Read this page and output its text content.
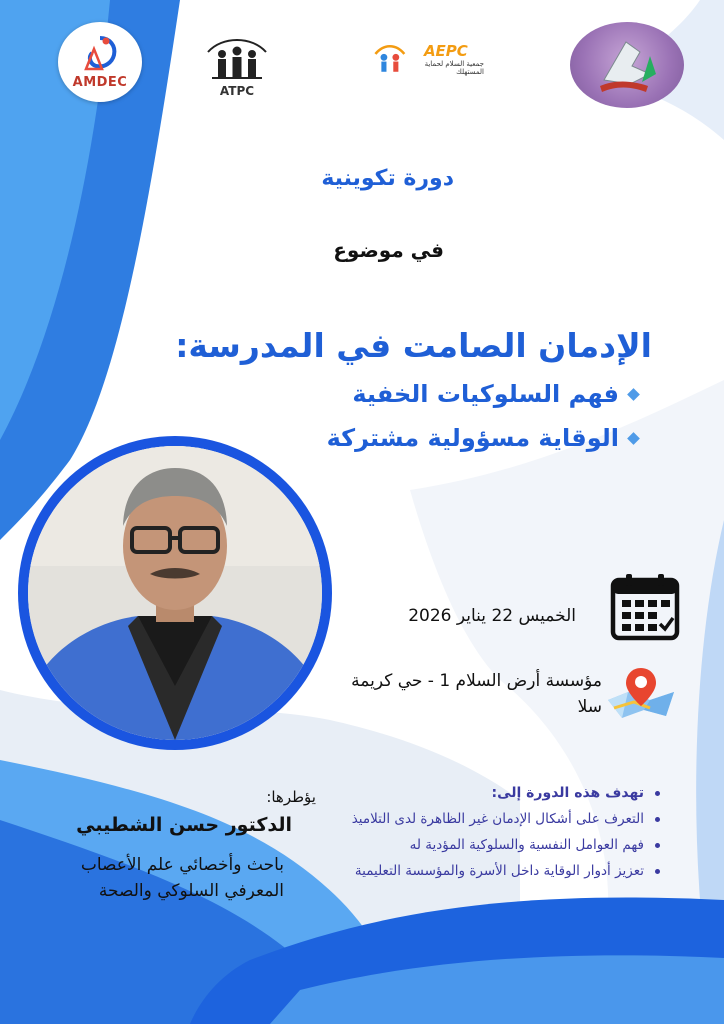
AMDEC
ATPC
AEPC
جمعية السلام لحماية المستهلك
دورة تكوينية
في موضوع
الإدمان الصامت في المدرسة:
فهم السلوكيات الخفية
الوقاية مسؤولية مشتركة
الخميس 22 يناير 2026
مؤسسة أرض السلام 1 - حي كريمة
سلا
يؤطرها:
الدكتور حسن الشطيبي
باحث وأخصائي علم الأعصاب
المعرفي السلوكي والصحة
تهدف هذه الدورة إلى:
التعرف على أشكال الإدمان غير الظاهرة لدى التلاميذ
فهم العوامل النفسية والسلوكية المؤدية له
تعزيز أدوار الوقاية داخل الأسرة والمؤسسة التعليمية
